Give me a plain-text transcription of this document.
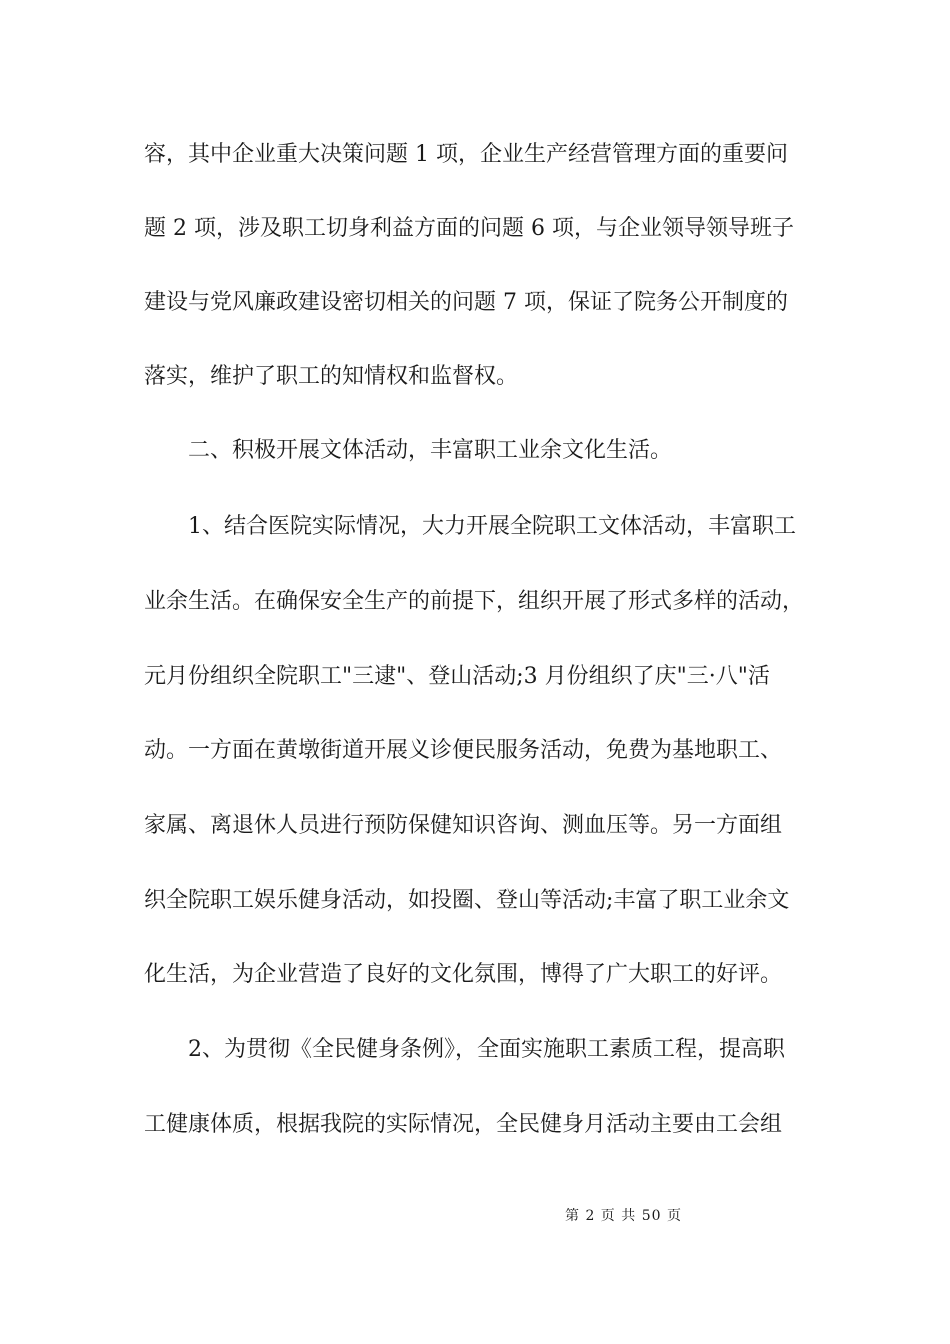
容，其中企业重大决策问题 1 项，企业生产经营管理方面的重要问
题 2 项，涉及职工切身利益方面的问题 6 项，与企业领导领导班子
建设与党风廉政建设密切相关的问题 7 项，保证了院务公开制度的
落实，维护了职工的知情权和监督权。
二、积极开展文体活动，丰富职工业余文化生活。
1、结合医院实际情况，大力开展全院职工文体活动，丰富职工
业余生活。在确保安全生产的前提下，组织开展了形式多样的活动，
元月份组织全院职工"三逮"、登山活动;3 月份组织了庆"三·八"活
动。一方面在黄墩街道开展义诊便民服务活动，免费为基地职工、
家属、离退休人员进行预防保健知识咨询、测血压等。另一方面组
织全院职工娱乐健身活动，如投圈、登山等活动;丰富了职工业余文
化生活，为企业营造了良好的文化氛围，博得了广大职工的好评。
2、为贯彻《全民健身条例》，全面实施职工素质工程，提高职
工健康体质，根据我院的实际情况，全民健身月活动主要由工会组
第 2 页 共 50 页
